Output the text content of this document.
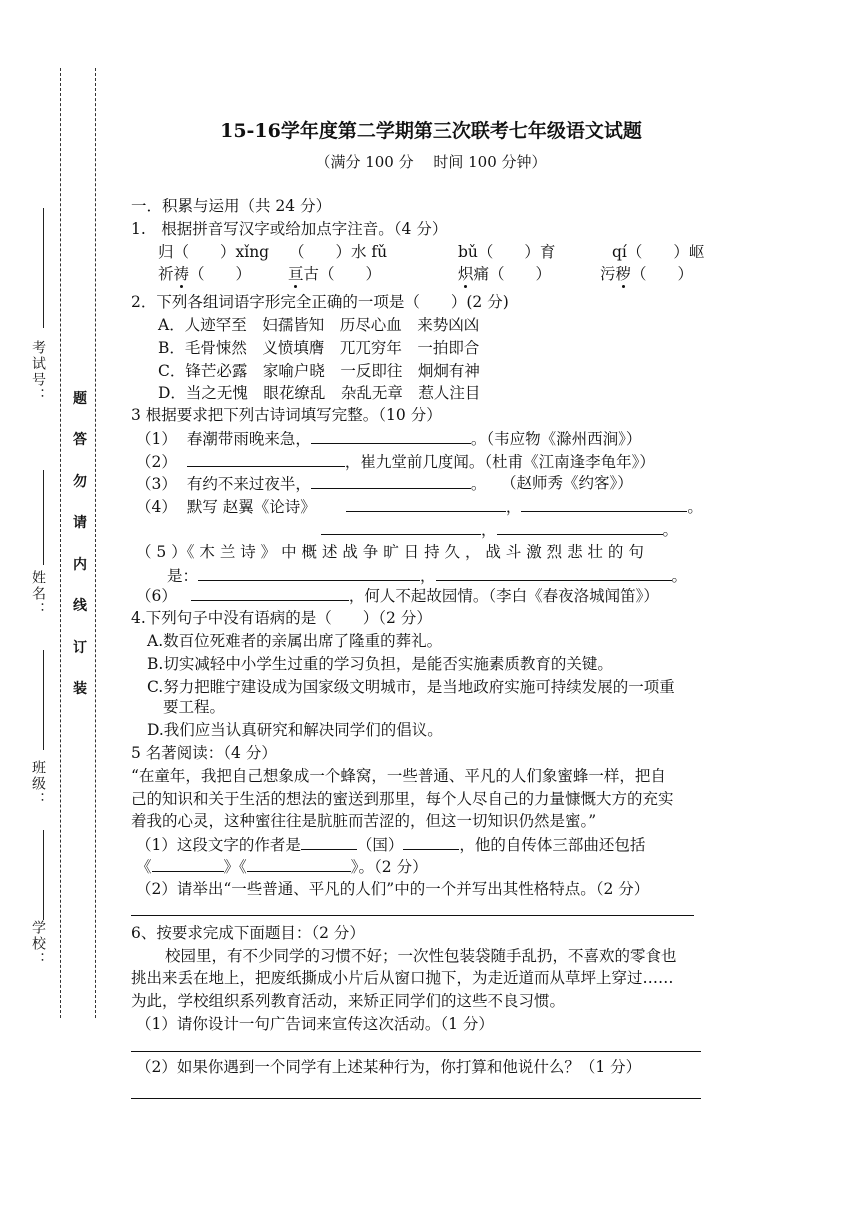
考试号：
姓名：
班级：
学校：
题
答
勿
请
内
线
订
装
15-16学年度第二学期第三次联考七年级语文试题
（满分 100 分　 时间 100 分钟）
一．积累与运用（共 24 分）
1.　根据拼音写汉字或给加点字注音。（4 分）
归（　　）xǐng （　　）水 fǔ	bǔ（　　）育	qí（　　）岖
祈祷（　　） 亘古（　　）	炽痛（　　）	污秽（　　）
2．下列各组词语字形完全正确的一项是（　　）(2 分)
A．人迹罕至　妇孺皆知　历尽心血　来势凶凶
B．毛骨悚然　义愤填膺　兀兀穷年　一拍即合
C．锋芒必露　家喻户晓　一反即往　炯炯有神
D．当之无愧　眼花缭乱　杂乱无章　惹人注目
3 根据要求把下列古诗词填写完整。（10 分）
（1） 春潮带雨晚来急，	。（韦应物《滁州西涧》）
（2）	，崔九堂前几度闻。（杜甫《江南逢李龟年》）
（3） 有约不来过夜半，	。 （赵师秀《约客》）
（4） 默写 赵翼《论诗》	，	。
，	。
（ 5 ）《 木 兰 诗 》 中 概 述 战 争 旷 日 持 久 ， 战 斗 激 烈 悲 壮 的 句
是：	，	。
（6）	，何人不起故园情。（李白《春夜洛城闻笛》）
4.下列句子中没有语病的是（　　）（2 分）
A.数百位死难者的亲属出席了隆重的葬礼。
B.切实减轻中小学生过重的学习负担，是能否实施素质教育的关键。
C.努力把睢宁建设成为国家级文明城市，是当地政府实施可持续发展的一项重
要工程。
D.我们应当认真研究和解决同学们的倡议。
5 名著阅读：（4 分）
“在童年，我把自己想象成一个蜂窝，一些普通、平凡的人们象蜜蜂一样，把自
己的知识和关于生活的想法的蜜送到那里，每个人尽自己的力量慷慨大方的充实
着我的心灵，这种蜜往往是肮脏而苦涩的，但这一切知识仍然是蜜。”
（1）这段文字的作者是	（国）	，他的自传体三部曲还包括
《	》《	》。（2 分）
（2）请举出“一些普通、平凡的人们”中的一个并写出其性格特点。（2 分）
6、按要求完成下面题目：（2 分）
校园里，有不少同学的习惯不好；一次性包装袋随手乱扔，不喜欢的零食也
挑出来丢在地上，把废纸撕成小片后从窗口抛下，为走近道而从草坪上穿过……
为此，学校组织系列教育活动，来矫正同学们的这些不良习惯。
（1）请你设计一句广告词来宣传这次活动。（1 分）
（2）如果你遇到一个同学有上述某种行为，你打算和他说什么？（1 分）
